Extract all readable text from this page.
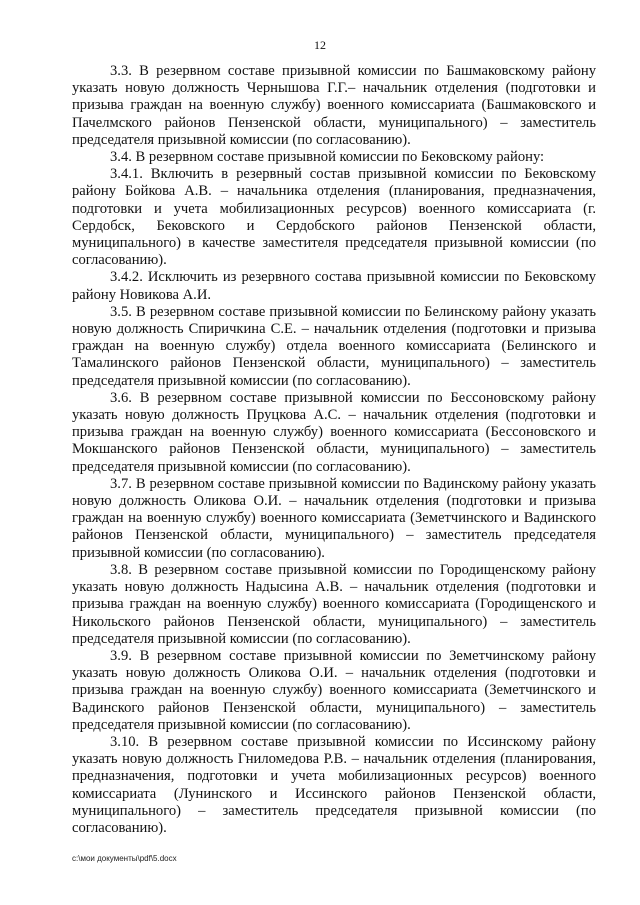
12

3.3. В резервном составе призывной комиссии по Башмаковскому району указать новую должность Чернышова Г.Г.– начальник отделения (подготовки и призыва граждан на военную службу) военного комиссариата (Башмаковского и Пачелмского районов Пензенской области, муниципального) – заместитель председателя призывной комиссии (по согласованию).

3.4. В резервном составе призывной комиссии по Бековскому району:

3.4.1. Включить в резервный состав призывной комиссии по Бековскому району Бойкова А.В. – начальника отделения (планирования, предназначения, подготовки и учета мобилизационных ресурсов) военного комиссариата (г. Сердобск, Бековского и Сердобского районов Пензенской области, муниципального) в качестве заместителя председателя призывной комиссии (по согласованию).

3.4.2. Исключить из резервного состава призывной комиссии по Бековскому району Новикова А.И.

3.5. В резервном составе призывной комиссии по Белинскому району указать новую должность Спиричкина С.Е. – начальник отделения (подготовки и призыва граждан на военную службу) отдела военного комиссариата (Белинского и Тамалинского районов Пензенской области, муниципального) – заместитель председателя призывной комиссии (по согласованию).

3.6. В резервном составе призывной комиссии по Бессоновскому району указать новую должность Пруцкова А.С. – начальник отделения (подготовки и призыва граждан на военную службу) военного комиссариата (Бессоновского и Мокшанского районов Пензенской области, муниципального) – заместитель председателя призывной комиссии (по согласованию).

3.7. В резервном составе призывной комиссии по Вадинскому району указать новую должность Оликова О.И. – начальник отделения (подготовки и призыва граждан на военную службу) военного комиссариата (Земетчинского и Вадинского районов Пензенской области, муниципального) – заместитель председателя призывной комиссии (по согласованию).

3.8. В резервном составе призывной комиссии по Городищенскому району указать новую должность Надысина А.В. – начальник отделения (подготовки и призыва граждан на военную службу) военного комиссариата (Городищенского и Никольского районов Пензенской области, муниципального) – заместитель председателя призывной комиссии (по согласованию).

3.9. В резервном составе призывной комиссии по Земетчинскому району указать новую должность Оликова О.И. – начальник отделения (подготовки и призыва граждан на военную службу) военного комиссариата (Земетчинского и Вадинского районов Пензенской области, муниципального) – заместитель председателя призывной комиссии (по согласованию).

3.10. В резервном составе призывной комиссии по Иссинскому району указать новую должность Гниломедова Р.В. – начальник отделения (планирования, предназначения, подготовки и учета мобилизационных ресурсов) военного комиссариата (Лунинского и Иссинского районов Пензенской области, муниципального) – заместитель председателя призывной комиссии (по согласованию).

c:\мои документы\pdf\5.docx
